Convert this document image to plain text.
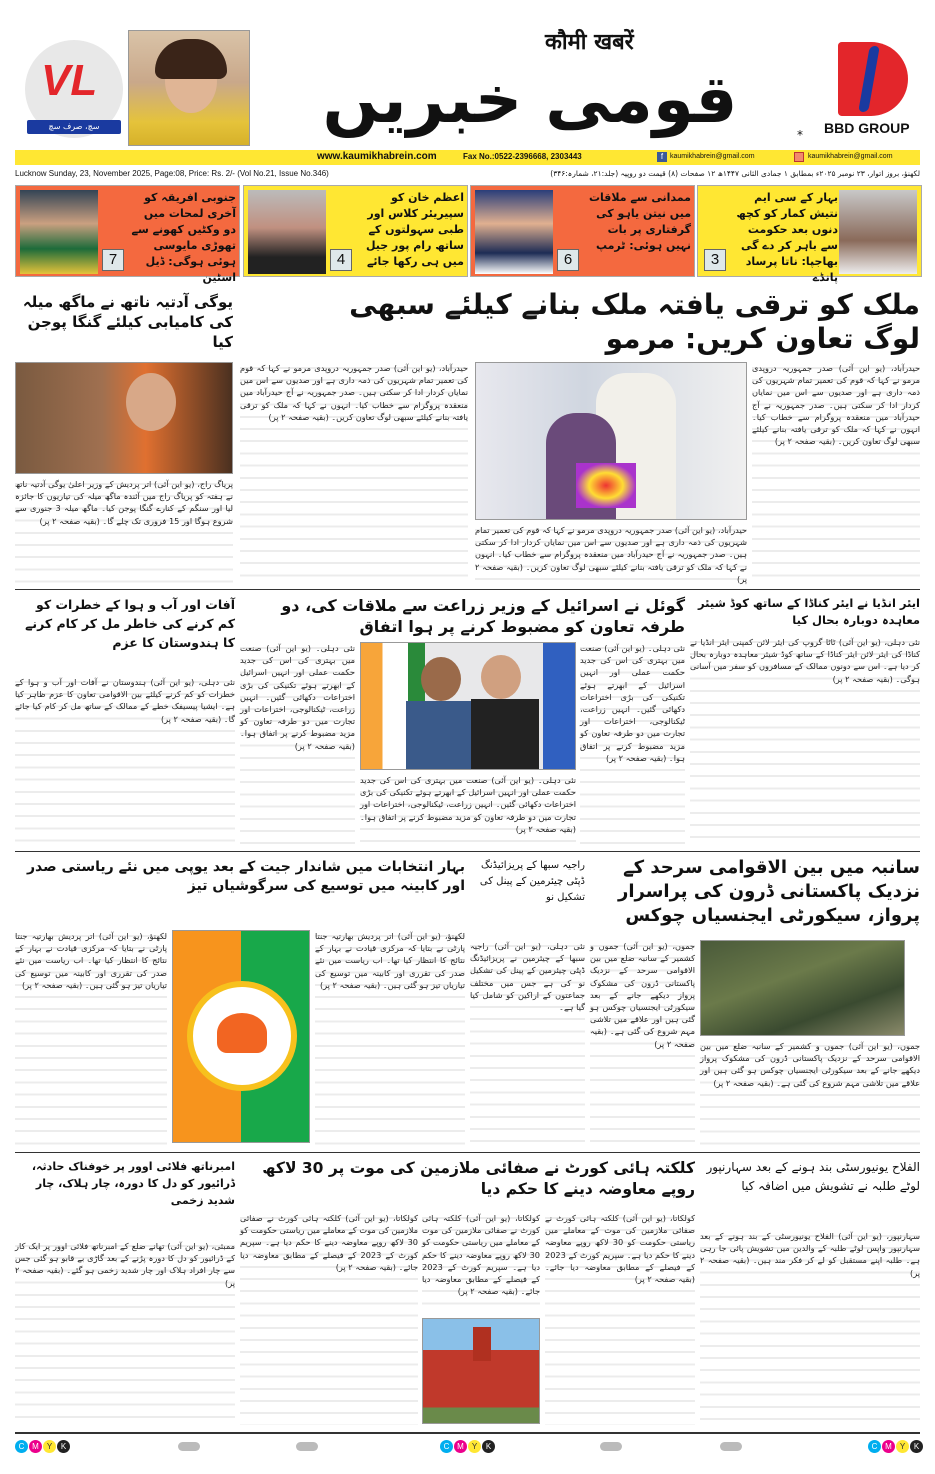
VL
سچ، صرف سچ
कौमी खबरें
قومی خبریں	* BBD GROUP
www.kaumikhabrein.com	Fax No.:0522-2396668, 2303443	f kaumikhabrein@gmail.com	kaumikhabrein@gmail.com
Lucknow Sunday, 23, November 2025, Page:08, Price: Rs. 2/- (Vol No.21, Issue No.346)	لکھنؤ، بروز اتوار، ۲۳ نومبر ۲۰۲۵ء بمطابق ۱ جمادی الثانی ۱۴۴۷ھ ۱۲ صفحات (۸) قیمت دو روپیہ (جلد:۲۱، شمارہ:۳۴۶)
بہار کے سی ایم نتیش کمار کو کچھ دنوں بعد حکومت سے باہر کر دے گی بھاجپا: ناتا پرساد پانڈے
3
ممدانی سے ملاقات میں نیتن یاہو کی گرفتاری پر بات نہیں ہوئی: ٹرمپ
6
اعظم خان کو سپیریئر کلاس اور طبی سہولتوں کے ساتھ رام پور جیل میں ہی رکھا جائے
4
جنوبی افریقہ کو آخری لمحات میں دو وکٹیں کھونے سے تھوڑی مایوسی ہوئی ہوگی: ڈیل اسٹین
7
ملک کو ترقی یافتہ ملک بنانے کیلئے سبھی لوگ تعاون کریں: مرمو
حیدرآباد، (یو این آئی) صدر جمہوریہ دروپدی مرمو نے کہا کہ قوم کی تعمیر تمام شہریوں کی ذمہ داری ہے اور صدیوں سے اس میں نمایاں کردار ادا کر سکتی ہیں۔ صدر جمہوریہ نے آج حیدرآباد میں منعقدہ پروگرام سے خطاب کیا۔ انہوں نے کہا کہ ملک کو ترقی یافتہ بنانے کیلئے سبھی لوگ تعاون کریں۔ (بقیہ صفحہ ۲ پر)
حیدرآباد، (یو این آئی) صدر جمہوریہ دروپدی مرمو نے کہا کہ قوم کی تعمیر تمام شہریوں کی ذمہ داری ہے اور صدیوں سے اس میں نمایاں کردار ادا کر سکتی ہیں۔ صدر جمہوریہ نے آج حیدرآباد میں منعقدہ پروگرام سے خطاب کیا۔ انہوں نے کہا کہ ملک کو ترقی یافتہ بنانے کیلئے سبھی لوگ تعاون کریں۔ (بقیہ صفحہ ۲ پر)
حیدرآباد، (یو این آئی) صدر جمہوریہ دروپدی مرمو نے کہا کہ قوم کی تعمیر تمام شہریوں کی ذمہ داری ہے اور صدیوں سے اس میں نمایاں کردار ادا کر سکتی ہیں۔ صدر جمہوریہ نے آج حیدرآباد میں منعقدہ پروگرام سے خطاب کیا۔ انہوں نے کہا کہ ملک کو ترقی یافتہ بنانے کیلئے سبھی لوگ تعاون کریں۔ (بقیہ صفحہ ۲ پر)
یوگی آدتیہ ناتھ نے ماگھ میلہ کی کامیابی کیلئے گنگا پوجن کیا
پریاگ راج، (یو این آئی) اتر پردیش کے وزیر اعلیٰ یوگی آدتیہ ناتھ نے ہفتہ کو پریاگ راج میں آئندہ ماگھ میلہ کی تیاریوں کا جائزہ لیا اور سنگم کے کنارے گنگا پوجن کیا۔ ماگھ میلہ 3 جنوری سے شروع ہوگا اور 15 فروری تک چلے گا۔ (بقیہ صفحہ ۲ پر)
ایئر انڈیا نے ایئر کناڈا کے ساتھ کوڈ شیئر معاہدہ دوبارہ بحال کیا
نئی دہلی، (یو این آئی) ٹاٹا گروپ کی ایئر لائن کمپنی ایئر انڈیا نے کناڈا کی ایئر لائن ایئر کناڈا کے ساتھ کوڈ شیئر معاہدہ دوبارہ بحال کر دیا ہے۔ اس سے دونوں ممالک کے مسافروں کو سفر میں آسانی ہوگی۔ (بقیہ صفحہ ۲ پر)
گوئل نے اسرائیل کے وزیر زراعت سے ملاقات کی، دو طرفہ تعاون کو مضبوط کرنے پر ہوا اتفاق
نئی دہلی۔ (یو این آئی) صنعت میں بہتری کی اس کی جدید حکمت عملی اور انہیں اسرائیل کے ابھرتے ہوئے تکنیکی کی بڑی اختراعات دکھائی گئیں۔ انہیں زراعت، ٹیکنالوجی، اختراعات اور تجارت میں دو طرفہ تعاون کو مزید مضبوط کرنے پر اتفاق ہوا۔ (بقیہ صفحہ ۲ پر)
نئی دہلی۔ (یو این آئی) صنعت میں بہتری کی اس کی جدید حکمت عملی اور انہیں اسرائیل کے ابھرتے ہوئے تکنیکی کی بڑی اختراعات دکھائی گئیں۔ انہیں زراعت، ٹیکنالوجی، اختراعات اور تجارت میں دو طرفہ تعاون کو مزید مضبوط کرنے پر اتفاق ہوا۔ (بقیہ صفحہ ۲ پر)
نئی دہلی۔ (یو این آئی) صنعت میں بہتری کی اس کی جدید حکمت عملی اور انہیں اسرائیل کے ابھرتے ہوئے تکنیکی کی بڑی اختراعات دکھائی گئیں۔ انہیں زراعت، ٹیکنالوجی، اختراعات اور تجارت میں دو طرفہ تعاون کو مزید مضبوط کرنے پر اتفاق ہوا۔ (بقیہ صفحہ ۲ پر)
آفات اور آب و ہوا کے خطرات کو کم کرنے کی خاطر مل کر کام کرنے کا ہندوستان کا عزم
نئی دہلی، (یو این آئی) ہندوستان نے آفات اور آب و ہوا کے خطرات کو کم کرنے کیلئے بین الاقوامی تعاون کا عزم ظاہر کیا ہے۔ ایشیا پیسیفک خطے کے ممالک کے ساتھ مل کر کام کیا جائے گا۔ (بقیہ صفحہ ۲ پر)
سانبہ میں بین الاقوامی سرحد کے نزدیک پاکستانی ڈرون کی پراسرار پرواز، سیکورٹی ایجنسیاں چوکس
جموں، (یو این آئی) جموں و کشمیر کے سانبہ ضلع میں بین الاقوامی سرحد کے نزدیک پاکستانی ڈرون کی مشکوک پرواز دیکھے جانے کے بعد سیکورٹی ایجنسیاں چوکس ہو گئی ہیں اور علاقے میں تلاشی مہم شروع کی گئی ہے۔ (بقیہ صفحہ ۲ پر)
جموں، (یو این آئی) جموں و کشمیر کے سانبہ ضلع میں بین الاقوامی سرحد کے نزدیک پاکستانی ڈرون کی مشکوک پرواز دیکھے جانے کے بعد سیکورٹی ایجنسیاں چوکس ہو گئی ہیں اور علاقے میں تلاشی مہم شروع کی گئی ہے۔ (بقیہ صفحہ ۲ پر)
راجیہ سبھا کے پریزائیڈنگ ڈپٹی چیئرمین کے پینل کی تشکیل نو
نئی دہلی، (یو این آئی) راجیہ سبھا کے چیئرمین نے پریزائیڈنگ ڈپٹی چیئرمین کے پینل کی تشکیل نو کی ہے جس میں مختلف جماعتوں کے اراکین کو شامل کیا گیا ہے۔
بہار انتخابات میں شاندار جیت کے بعد یوپی میں نئے ریاستی صدر اور کابینہ میں توسیع کی سرگوشیاں تیز
لکھنؤ، (یو این آئی) اتر پردیش بھارتیہ جنتا پارٹی نے بتایا کہ مرکزی قیادت نے بہار کے نتائج کا انتظار کیا تھا۔ اب ریاست میں نئے صدر کی تقرری اور کابینہ میں توسیع کی تیاریاں تیز ہو گئی ہیں۔ (بقیہ صفحہ ۲ پر)
لکھنؤ، (یو این آئی) اتر پردیش بھارتیہ جنتا پارٹی نے بتایا کہ مرکزی قیادت نے بہار کے نتائج کا انتظار کیا تھا۔ اب ریاست میں نئے صدر کی تقرری اور کابینہ میں توسیع کی تیاریاں تیز ہو گئی ہیں۔ (بقیہ صفحہ ۲ پر)
الفلاح یونیورسٹی بند ہونے کے بعد سہارنپور لوٹے طلبہ نے تشویش میں اضافہ کیا
سہارنپور، (یو این آئی) الفلاح یونیورسٹی کے بند ہونے کے بعد سہارنپور واپس لوٹے طلبہ کے والدین میں تشویش پائی جا رہی ہے۔ طلبہ اپنے مستقبل کو لے کر فکر مند ہیں۔ (بقیہ صفحہ ۲ پر)
کلکتہ ہائی کورٹ نے صفائی ملازمین کی موت پر 30 لاکھ روپے معاوضہ دینے کا حکم دیا
کولکاتا، (یو این آئی) کلکتہ ہائی کورٹ نے صفائی ملازمین کی موت کے معاملے میں ریاستی حکومت کو 30 لاکھ روپے معاوضہ دینے کا حکم دیا ہے۔ سپریم کورٹ کے 2023 کے فیصلے کے مطابق معاوضہ دیا جائے۔ (بقیہ صفحہ ۲ پر)
کولکاتا، (یو این آئی) کلکتہ ہائی کورٹ نے صفائی ملازمین کی موت کے معاملے میں ریاستی حکومت کو 30 لاکھ روپے معاوضہ دینے کا حکم دیا ہے۔ سپریم کورٹ کے 2023 کے فیصلے کے مطابق معاوضہ دیا جائے۔ (بقیہ صفحہ ۲ پر)
کولکاتا، (یو این آئی) کلکتہ ہائی کورٹ نے صفائی ملازمین کی موت کے معاملے میں ریاستی حکومت کو 30 لاکھ روپے معاوضہ دینے کا حکم دیا ہے۔ سپریم کورٹ کے 2023 کے فیصلے کے مطابق معاوضہ دیا جائے۔ (بقیہ صفحہ ۲ پر)
امبرناتھ فلائی اوور پر خوفناک حادثہ، ڈرائیور کو دل کا دورہ، چار ہلاک، چار شدید زخمی
ممبئی، (یو این آئی) تھانے ضلع کے امبرناتھ فلائی اوور پر ایک کار کے ڈرائیور کو دل کا دورہ پڑنے کے بعد گاڑی بے قابو ہو گئی جس سے چار افراد ہلاک اور چار شدید زخمی ہو گئے۔ (بقیہ صفحہ ۲ پر)
C M	Y	K	C M	Y	K	C M	Y	K
